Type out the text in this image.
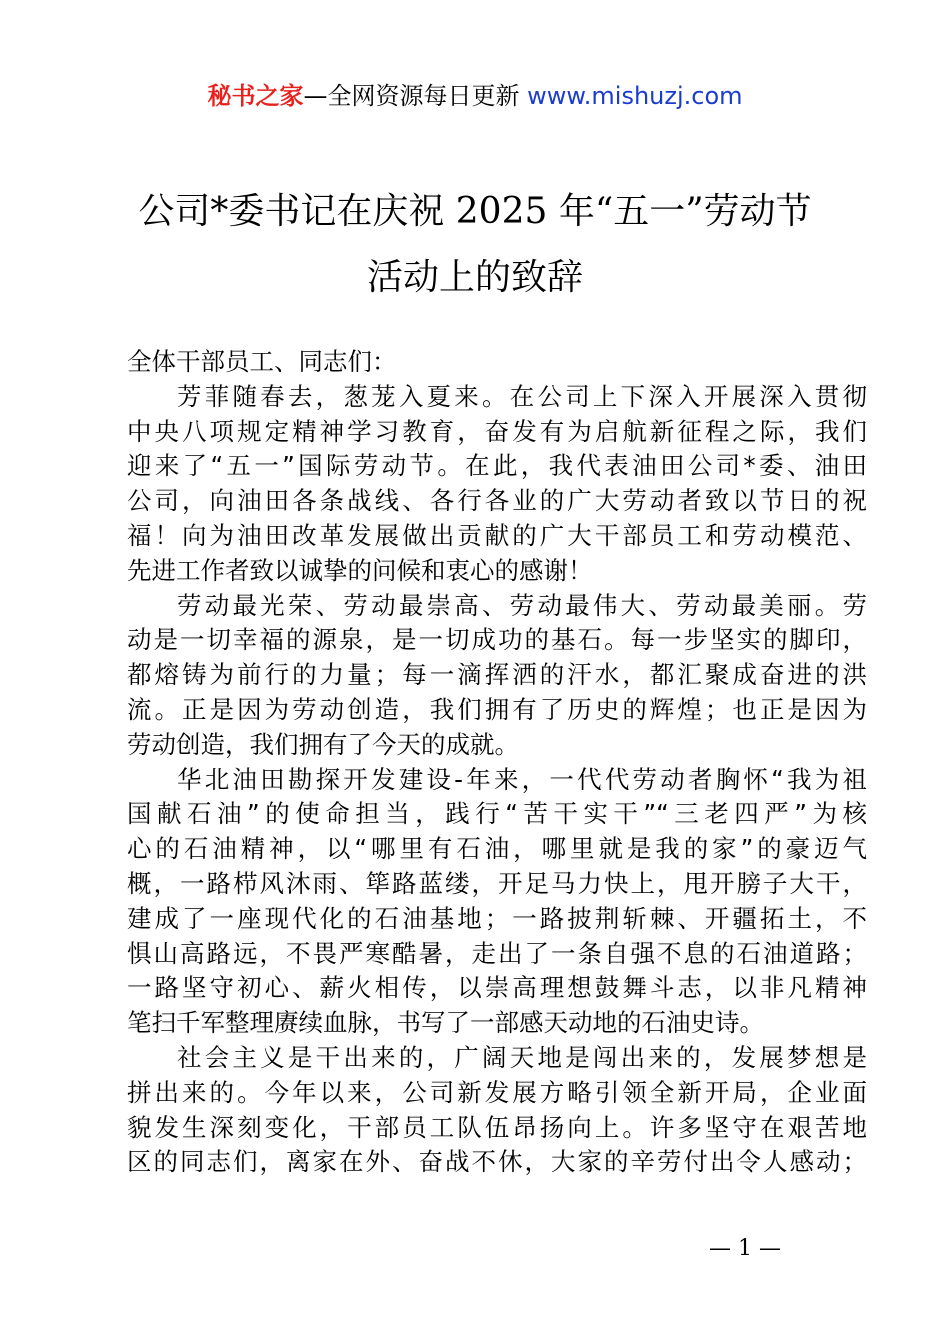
秘书之家—全网资源每日更新 www.mishuzj.com
公司*委书记在庆祝 2025 年“五一”劳动节
活动上的致辞
全体干部员工、同志们：
芳菲随春去，葱茏入夏来。在公司上下深入开展深入贯彻
中央八项规定精神学习教育，奋发有为启航新征程之际，我们
迎来了“五一”国际劳动节。在此，我代表油田公司*委、油田
公司，向油田各条战线、各行各业的广大劳动者致以节日的祝
福！向为油田改革发展做出贡献的广大干部员工和劳动模范、
先进工作者致以诚挚的问候和衷心的感谢！
劳动最光荣、劳动最崇高、劳动最伟大、劳动最美丽。劳
动是一切幸福的源泉，是一切成功的基石。每一步坚实的脚印，
都熔铸为前行的力量；每一滴挥洒的汗水，都汇聚成奋进的洪
流。正是因为劳动创造，我们拥有了历史的辉煌；也正是因为
劳动创造，我们拥有了今天的成就。
华北油田勘探开发建设-年来，一代代劳动者胸怀“我为祖
国献石油”的使命担当，践行“苦干实干”“三老四严”为核
心的石油精神，以“哪里有石油，哪里就是我的家”的豪迈气
概，一路栉风沐雨、筚路蓝缕，开足马力快上，甩开膀子大干，
建成了一座现代化的石油基地；一路披荆斩棘、开疆拓土，不
惧山高路远，不畏严寒酷暑，走出了一条自强不息的石油道路；
一路坚守初心、薪火相传，以崇高理想鼓舞斗志，以非凡精神
笔扫千军整理赓续血脉，书写了一部感天动地的石油史诗。
社会主义是干出来的，广阔天地是闯出来的，发展梦想是
拼出来的。今年以来，公司新发展方略引领全新开局，企业面
貌发生深刻变化，干部员工队伍昂扬向上。许多坚守在艰苦地
区的同志们，离家在外、奋战不休，大家的辛劳付出令人感动；
— 1 —
